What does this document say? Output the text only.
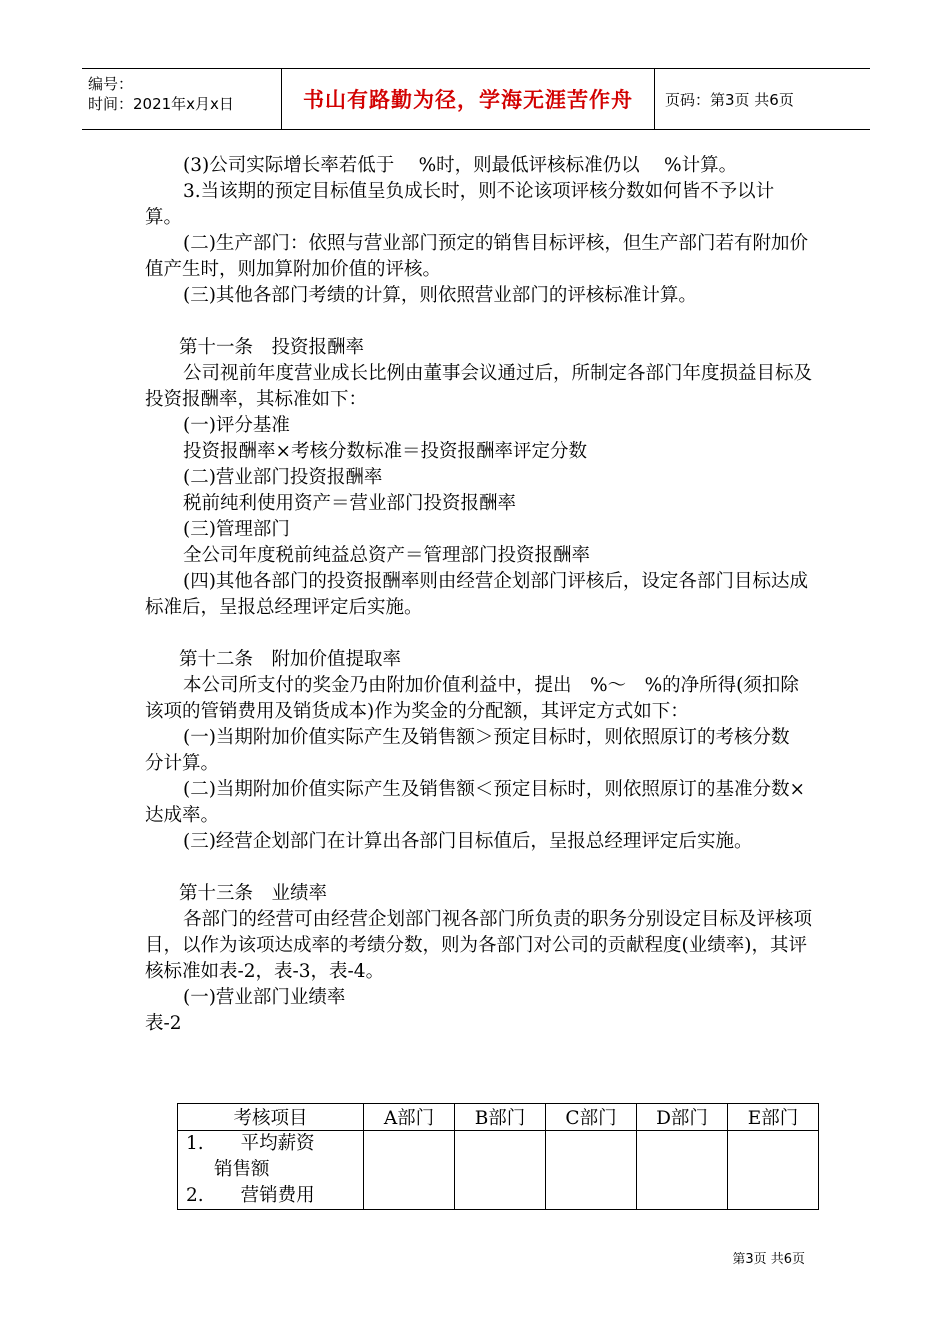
编号：
时间：2021年x月x日	书山有路勤为径，学海无涯苦作舟	页码：第3页 共6页

(3)公司实际增长率若低于　 %时，则最低评核标准仍以　 %计算。

3.当该期的预定目标值呈负成长时，则不论该项评核分数如何皆不予以计

算。

(二)生产部门：依照与营业部门预定的销售目标评核，但生产部门若有附加价值产生时，则加算附加价值的评核。

(三)其他各部门考绩的计算，则依照营业部门的评核标准计算。

第十一条　投资报酬率

公司视前年度营业成长比例由董事会议通过后，所制定各部门年度损益目标及投资报酬率，其标准如下：

(一)评分基准

投资报酬率×考核分数标准＝投资报酬率评定分数

(二)营业部门投资报酬率

税前纯利使用资产＝营业部门投资报酬率

(三)管理部门

全公司年度税前纯益总资产＝管理部门投资报酬率

(四)其他各部门的投资报酬率则由经营企划部门评核后，设定各部门目标达成标准后，呈报总经理评定后实施。

第十二条　附加价值提取率

本公司所支付的奖金乃由附加价值利益中，提出　%～　%的净所得(须扣除该项的管销费用及销货成本)作为奖金的分配额，其评定方式如下：

(一)当期附加价值实际产生及销售额＞预定目标时，则依照原订的考核分数　分计算。

(二)当期附加价值实际产生及销售额＜预定目标时，则依照原订的基准分数×达成率。

(三)经营企划部门在计算出各部门目标值后，呈报总经理评定后实施。

第十三条　业绩率

各部门的经营可由经营企划部门视各部门所负责的职务分别设定目标及评核项目，以作为该项达成率的考绩分数，则为各部门对公司的贡献程度(业绩率)，其评核标准如表-2，表-3，表-4。

(一)营业部门业绩率

表-2

考核项目	A部门	B部门	C部门	D部门	E部门

1.　　平均薪资
销售额
2.　　营销费用					

第3页 共6页
